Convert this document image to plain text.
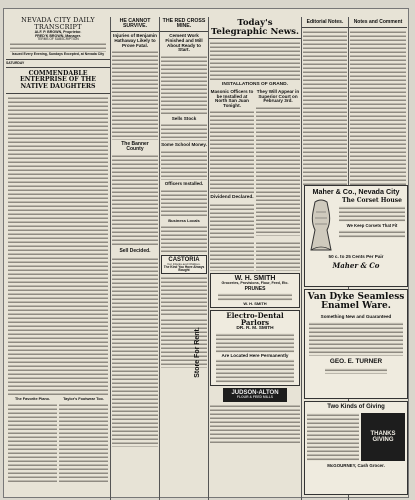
NEVADA CITY DAILY TRANSCRIPT
ALF. P. BROWN, Proprietor.
FRED'K BROWN, Manager.
TERMS OF SUBSCRIPTION
Issued Every Evening, Sundays Excepted, at Nevada City
SATURDAY
COMMENDABLE ENTERPRISE OF THE NATIVE DAUGHTERS
The Favorite Piano.	Taylor's Footwear Too.
HE CANNOT SURVIVE.
Injuries of Benjamin Hathaway Likely to Prove Fatal.
The Banner County
Sell Decided.
THE RED CROSS MINE.
Cement Work Finished and Mill About Ready to Start.
Sells Stock
Some School Money.
Officers Installed.
Business Locals
CASTORIA
For Infants and Children.
The Kind You Have Always Bought
Today's Telegraphic News.
INSTALLATIONS OF GRAND.
Masonic Officers to be Installed at North San Juan Tonight.
Dividend Declared.
They Will Appear in Superior Court on February 3rd.
W. H. SMITH
Groceries, Provisions, Flour, Feed, Etc.
PRUNES
W. H. SMITH
Electro-Dental Parlors
DR. R. M. SMITH
Are Located Here Permanently
JUDSON-ALTON
FLOUR & FEED MILLS
Editorial Notes.	Notes and Comment
Maher & Co., Nevada City
The Corset House
We Keep Corsets That Fit
50 c. to 25 Cents Per Pair
Maher & Co
Van Dyke Seamless Enamel Ware.
Something New and Guaranteed
GEO. E. TURNER
Two Kinds of Giving
THANKS GIVING
McGOURNEY, Cash Grocer.
Store For Rent.
